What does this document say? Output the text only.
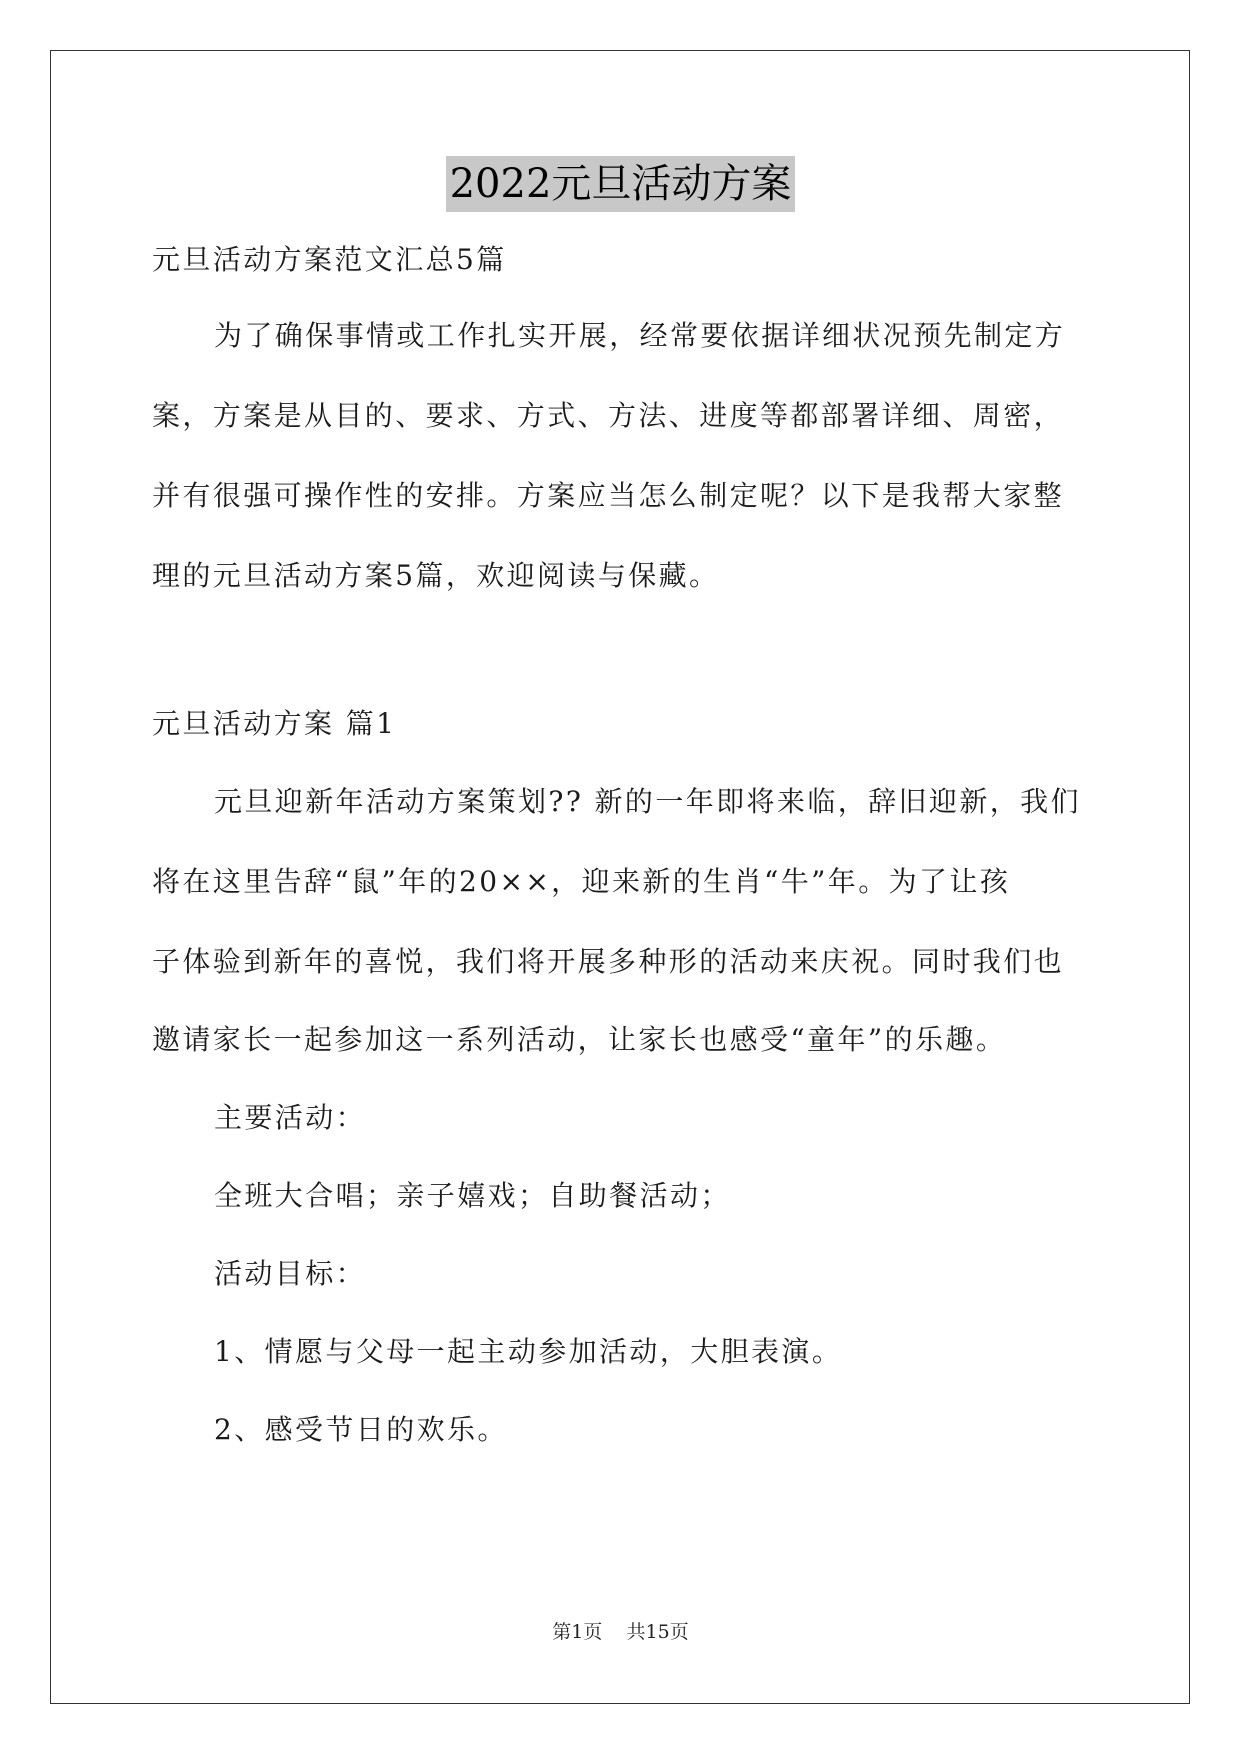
2022元旦活动方案
元旦活动方案范文汇总5篇
为了确保事情或工作扎实开展，经常要依据详细状况预先制定方
案，方案是从目的、要求、方式、方法、进度等都部署详细、周密，
并有很强可操作性的安排。方案应当怎么制定呢？以下是我帮大家整
理的元旦活动方案5篇，欢迎阅读与保藏。
元旦活动方案 篇1
元旦迎新年活动方案策划?? 新的一年即将来临，辞旧迎新，我们
将在这里告辞“鼠”年的20××，迎来新的生肖“牛”年。为了让孩
子体验到新年的喜悦，我们将开展多种形的活动来庆祝。同时我们也
邀请家长一起参加这一系列活动，让家长也感受“童年”的乐趣。
主要活动：
全班大合唱；亲子嬉戏；自助餐活动；
活动目标：
1、情愿与父母一起主动参加活动，大胆表演。
2、感受节日的欢乐。
第1页 共15页
